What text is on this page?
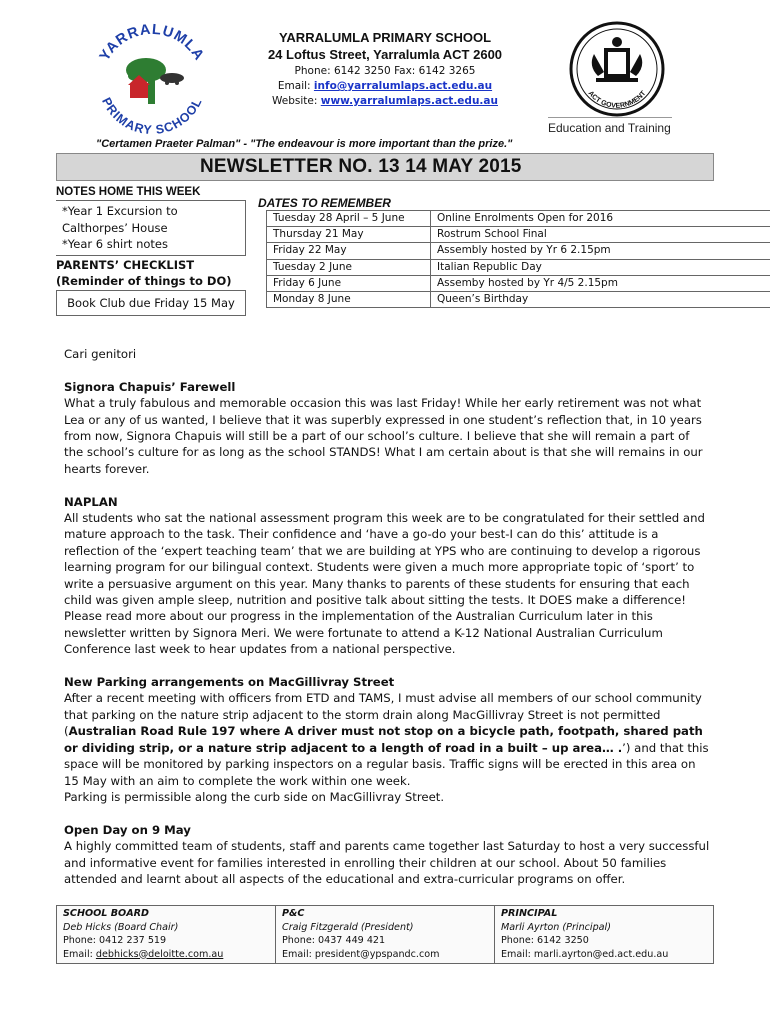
YARRALUMLA
PRIMARY SCHOOL
ACT GOVERNMENT
YARRALUMLA PRIMARY SCHOOL
24 Loftus Street, Yarralumla ACT 2600
Phone: 6142 3250 Fax: 6142 3265
Email: info@yarralumlaps.act.edu.au
Website: www.yarralumlaps.act.edu.au
Education and Training
"Certamen Praeter Palman" - "The endeavour is more important than the prize."
NEWSLETTER NO. 13 14 MAY 2015
NOTES HOME THIS WEEK
*Year 1 Excursion to
Calthorpes’ House
*Year 6 shirt notes
PARENTS’ CHECKLIST
(Reminder of things to DO)
Book Club due Friday 15 May
DATES TO REMEMBER
Tuesday 28 April – 5 June	Online Enrolments Open for 2016
Thursday 21 May	Rostrum School Final
Friday 22 May	Assembly hosted by Yr 6 2.15pm
Tuesday 2 June	Italian Republic Day
Friday 6 June	Assemby hosted by Yr 4/5 2.15pm
Monday 8 June	Queen’s Birthday

Cari genitori

Signora Chapuis’ Farewell

What a truly fabulous and memorable occasion this was last Friday! While her early retirement was not what Lea or any of us wanted, I believe that it was superbly expressed in one student’s reflection that, in 10 years from now, Signora Chapuis will still be a part of our school’s culture. I believe that she will remain a part of the school’s culture for as long as the school STANDS! What I am certain about is that she will remains in our hearts forever.

NAPLAN

All students who sat the national assessment program this week are to be congratulated for their settled and mature approach to the task. Their confidence and ‘have a go-do your best-I can do this’ attitude is a reflection of the ‘expert teaching team’ that we are building at YPS who are continuing to develop a rigorous learning program for our bilingual context. Students were given a much more appropriate topic of ‘sport’ to write a persuasive argument on this year. Many thanks to parents of these students for ensuring that each child was given ample sleep, nutrition and positive talk about sitting the tests. It DOES make a difference!

Please read more about our progress in the implementation of the Australian Curriculum later in this newsletter written by Signora Meri. We were fortunate to attend a K-12 National Australian Curriculum Conference last week to hear updates from a national perspective.

New Parking arrangements on MacGillivray Street

After a recent meeting with officers from ETD and TAMS, I must advise all members of our school community that parking on the nature strip adjacent to the storm drain along MacGillivray Street is not permitted (Australian Road Rule 197 where A driver must not stop on a bicycle path, footpath, shared path or dividing strip, or a nature strip adjacent to a length of road in a built – up area… .’) and that this space will be monitored by parking inspectors on a regular basis. Traffic signs will be erected in this area on 15 May with an aim to complete the work within one week.

Parking is permissible along the curb side on MacGillivray Street.

Open Day on 9 May

A highly committed team of students, staff and parents came together last Saturday to host a very successful and informative event for families interested in enrolling their children at our school. About 50 families attended and learnt about all aspects of the educational and extra-curricular programs on offer.

SCHOOL BOARD
Deb Hicks (Board Chair)
Phone: 0412 237 519
Email: debhicks@deloitte.com.au

P&C
Craig Fitzgerald (President)
Phone: 0437 449 421
Email: president@ypspandc.com

PRINCIPAL
Marli Ayrton (Principal)
Phone: 6142 3250
Email: marli.ayrton@ed.act.edu.au
